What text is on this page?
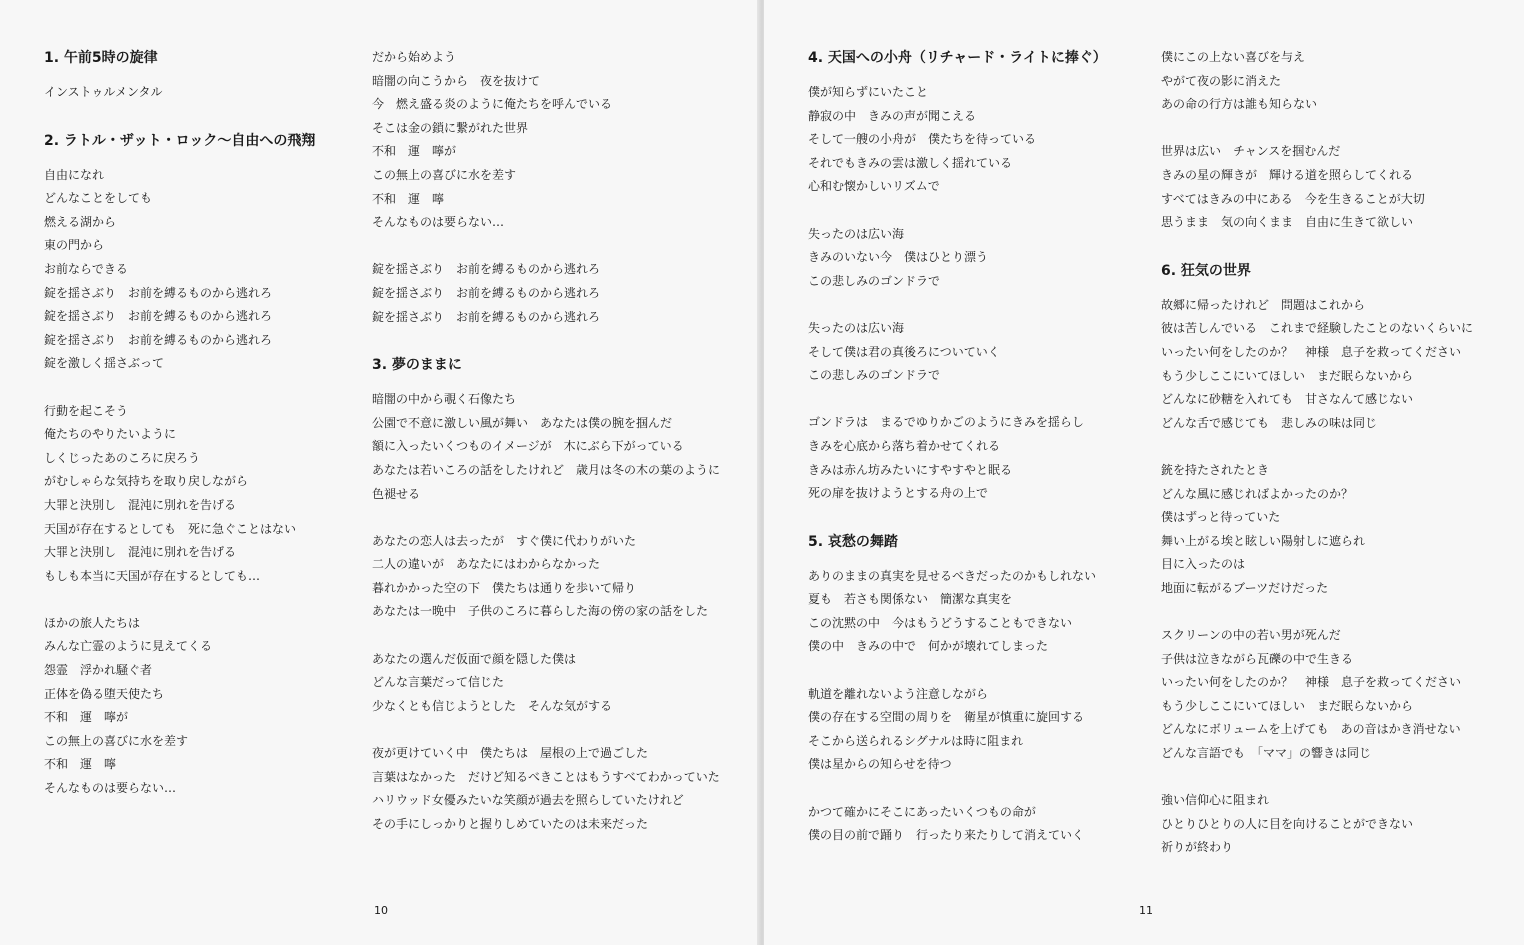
1. 午前5時の旋律
インストゥルメンタル
2. ラトル・ザット・ロック～自由への飛翔
自由になれ
どんなことをしても
燃える湖から
東の門から
お前ならできる
錠を揺さぶり　お前を縛るものから逃れろ
錠を揺さぶり　お前を縛るものから逃れろ
錠を揺さぶり　お前を縛るものから逃れろ
錠を激しく揺さぶって
行動を起こそう
俺たちのやりたいように
しくじったあのころに戻ろう
がむしゃらな気持ちを取り戻しながら
大罪と決別し　混沌に別れを告げる
天国が存在するとしても　死に急ぐことはない
大罪と決別し　混沌に別れを告げる
もしも本当に天国が存在するとしても…
ほかの旅人たちは
みんな亡霊のように見えてくる
怨霊　浮かれ騒ぐ者
正体を偽る堕天使たち
不和　運　嚀が
この無上の喜びに水を差す
不和　運　嚀
そんなものは要らない…
だから始めよう
暗闇の向こうから　夜を抜けて
今　燃え盛る炎のように俺たちを呼んでいる
そこは金の鎖に繋がれた世界
不和　運　嚀が
この無上の喜びに水を差す
不和　運　嚀
そんなものは要らない…
錠を揺さぶり　お前を縛るものから逃れろ
錠を揺さぶり　お前を縛るものから逃れろ
錠を揺さぶり　お前を縛るものから逃れろ
3. 夢のままに
暗闇の中から覗く石像たち
公園で不意に激しい風が舞い　あなたは僕の腕を掴んだ
額に入ったいくつものイメージが　木にぶら下がっている
あなたは若いころの話をしたけれど　歳月は冬の木の葉のように
色褪せる
あなたの恋人は去ったが　すぐ僕に代わりがいた
二人の違いが　あなたにはわからなかった
暮れかかった空の下　僕たちは通りを歩いて帰り
あなたは一晩中　子供のころに暮らした海の傍の家の話をした
あなたの選んだ仮面で顔を隠した僕は
どんな言葉だって信じた
少なくとも信じようとした　そんな気がする
夜が更けていく中　僕たちは　屋根の上で過ごした
言葉はなかった　だけど知るべきことはもうすべてわかっていた
ハリウッド女優みたいな笑顔が過去を照らしていたけれど
その手にしっかりと握りしめていたのは未来だった
10
4. 天国への小舟（リチャード・ライトに捧ぐ）
僕が知らずにいたこと
静寂の中　きみの声が聞こえる
そして一艘の小舟が　僕たちを待っている
それでもきみの雲は激しく揺れている
心和む懐かしいリズムで
失ったのは広い海
きみのいない今　僕はひとり漂う
この悲しみのゴンドラで
失ったのは広い海
そして僕は君の真後ろについていく
この悲しみのゴンドラで
ゴンドラは　まるでゆりかごのようにきみを揺らし
きみを心底から落ち着かせてくれる
きみは赤ん坊みたいにすやすやと眠る
死の扉を抜けようとする舟の上で
5. 哀愁の舞踏
ありのままの真実を見せるべきだったのかもしれない
夏も　若さも関係ない　簡潔な真実を
この沈黙の中　今はもうどうすることもできない
僕の中　きみの中で　何かが壊れてしまった
軌道を離れないよう注意しながら
僕の存在する空間の周りを　衛星が慎重に旋回する
そこから送られるシグナルは時に阻まれ
僕は星からの知らせを待つ
かつて確かにそこにあったいくつもの命が
僕の目の前で踊り　行ったり来たりして消えていく
僕にこの上ない喜びを与え
やがて夜の影に消えた
あの命の行方は誰も知らない
世界は広い　チャンスを掴むんだ
きみの星の輝きが　輝ける道を照らしてくれる
すべてはきみの中にある　今を生きることが大切
思うまま　気の向くまま　自由に生きて欲しい
6. 狂気の世界
故郷に帰ったけれど　問題はこれから
彼は苦しんでいる　これまで経験したことのないくらいに
いったい何をしたのか？　神様　息子を救ってください
もう少しここにいてほしい　まだ眠らないから
どんなに砂糖を入れても　甘さなんて感じない
どんな舌で感じても　悲しみの味は同じ
銃を持たされたとき
どんな風に感じればよかったのか？
僕はずっと待っていた
舞い上がる埃と眩しい陽射しに遮られ
目に入ったのは
地面に転がるブーツだけだった
スクリーンの中の若い男が死んだ
子供は泣きながら瓦礫の中で生きる
いったい何をしたのか？　神様　息子を救ってください
もう少しここにいてほしい　まだ眠らないから
どんなにボリュームを上げても　あの音はかき消せない
どんな言語でも　「ママ」の響きは同じ
強い信仰心に阻まれ
ひとりひとりの人に目を向けることができない
祈りが終わり
11
